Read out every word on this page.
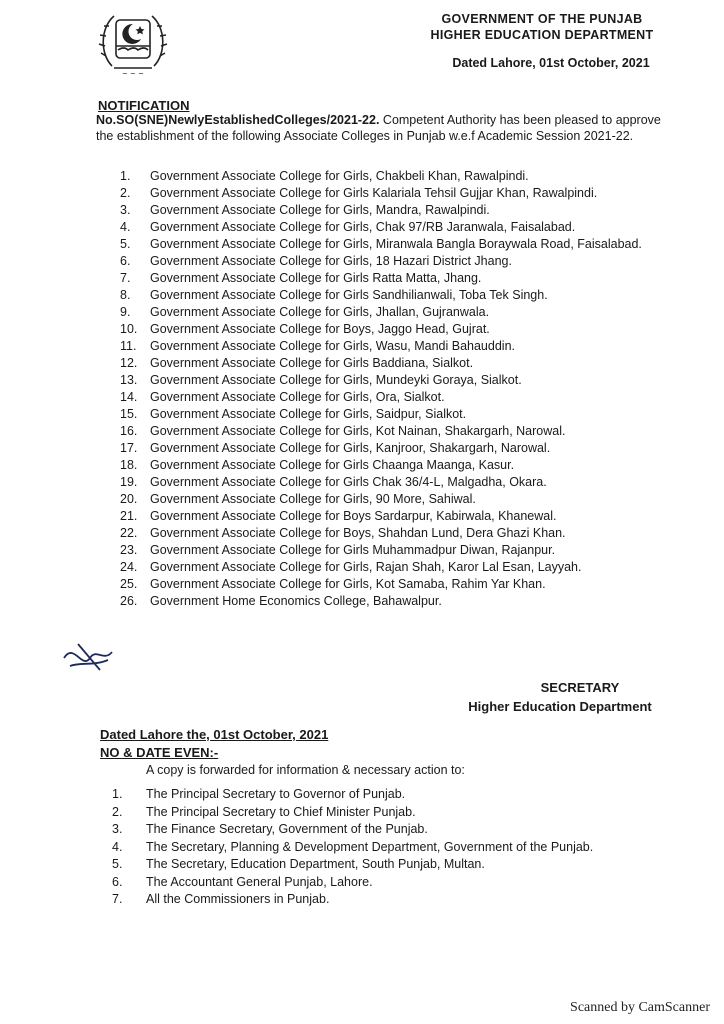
~ ~ ~
GOVERNMENT OF THE PUNJAB
HIGHER EDUCATION DEPARTMENT
Dated Lahore, 01st October, 2021
NOTIFICATION
No.SO(SNE)NewlyEstablishedColleges/2021-22. Competent Authority has been pleased to approve the establishment of the following Associate Colleges in Punjab w.e.f Academic Session 2021-22.
1.	Government Associate College for Girls, Chakbeli Khan, Rawalpindi.
2.	Government Associate College for Girls Kalariala Tehsil Gujjar Khan, Rawalpindi.
3.	Government Associate College for Girls, Mandra, Rawalpindi.
4.	Government Associate College for Girls, Chak 97/RB Jaranwala, Faisalabad.
5.	Government Associate College for Girls, Miranwala Bangla Boraywala Road, Faisalabad.
6.	Government Associate College for Girls, 18 Hazari District Jhang.
7.	Government Associate College for Girls Ratta Matta, Jhang.
8.	Government Associate College for Girls Sandhilianwali, Toba Tek Singh.
9.	Government Associate College for Girls, Jhallan, Gujranwala.
10.	Government Associate College for Boys, Jaggo Head, Gujrat.
11.	Government Associate College for Girls, Wasu, Mandi Bahauddin.
12.	Government Associate College for Girls Baddiana, Sialkot.
13.	Government Associate College for Girls, Mundeyki Goraya, Sialkot.
14.	Government Associate College for Girls, Ora, Sialkot.
15.	Government Associate College for Girls, Saidpur, Sialkot.
16.	Government Associate College for Girls, Kot Nainan, Shakargarh, Narowal.
17.	Government Associate College for Girls, Kanjroor, Shakargarh, Narowal.
18.	Government Associate College for Girls Chaanga Maanga, Kasur.
19.	Government Associate College for Girls Chak 36/4-L, Malgadha, Okara.
20.	Government Associate College for Girls, 90 More, Sahiwal.
21.	Government Associate College for Boys Sardarpur, Kabirwala, Khanewal.
22.	Government Associate College for Boys, Shahdan Lund, Dera Ghazi Khan.
23.	Government Associate College for Girls Muhammadpur Diwan, Rajanpur.
24.	Government Associate College for Girls, Rajan Shah, Karor Lal Esan, Layyah.
25.	Government Associate College for Girls, Kot Samaba, Rahim Yar Khan.
26.	Government Home Economics College, Bahawalpur.
SECRETARY
Higher Education Department
Dated Lahore the, 01st October, 2021
NO & DATE EVEN:-
A copy is forwarded for information & necessary action to:
1.	The Principal Secretary to Governor of Punjab.
2.	The Principal Secretary to Chief Minister Punjab.
3.	The Finance Secretary, Government of the Punjab.
4.	The Secretary, Planning & Development Department, Government of the Punjab.
5.	The Secretary, Education Department, South Punjab, Multan.
6.	The Accountant General Punjab, Lahore.
7.	All the Commissioners in Punjab.
Scanned by CamScanner
